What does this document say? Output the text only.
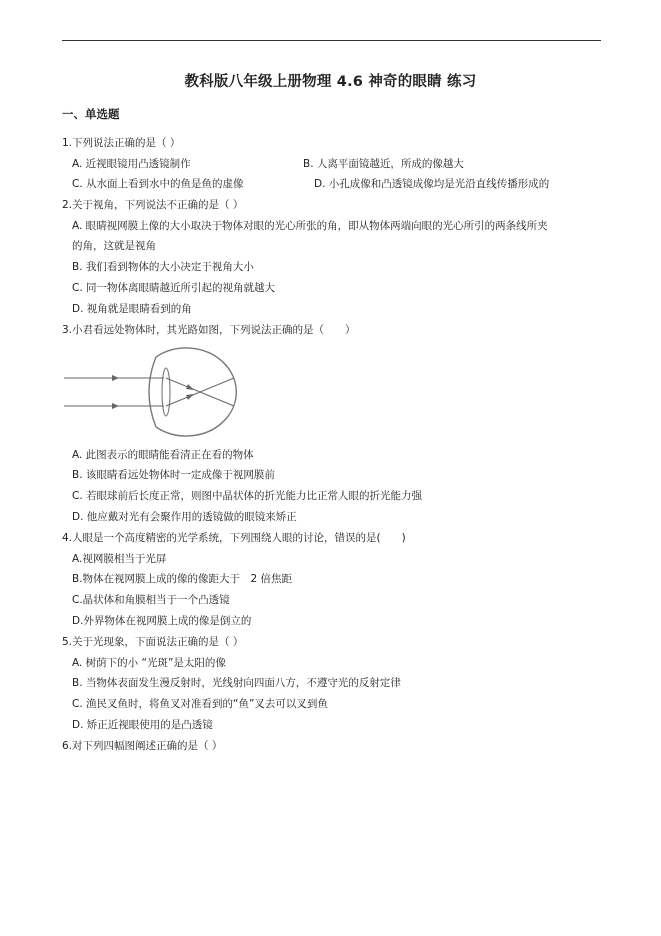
教科版八年级上册物理 4.6 神奇的眼睛 练习
一、单选题
1.下列说法正确的是（ ）
A. 近视眼镜用凸透镜制作	B. 人离平面镜越近，所成的像越大
C. 从水面上看到水中的鱼是鱼的虚像	D. 小孔成像和凸透镜成像均是光沿直线传播形成的
2.关于视角，下列说法不正确的是（ ）
A. 眼睛视网膜上像的大小取决于物体对眼的光心所张的角，即从物体两端向眼的光心所引的两条线所夹
的角，这就是视角
B. 我们看到物体的大小决定于视角大小
C. 同一物体离眼睛越近所引起的视角就越大
D. 视角就是眼睛看到的角
3.小君看远处物体时，其光路如图，下列说法正确的是（　　）
A. 此图表示的眼睛能看清正在看的物体
B. 该眼睛看远处物体时一定成像于视网膜前
C. 若眼球前后长度正常，则图中晶状体的折光能力比正常人眼的折光能力强
D. 他应戴对光有会聚作用的透镜做的眼镜来矫正
4.人眼是一个高度精密的光学系统，下列围绕人眼的讨论，错误的是(　　)
A.视网膜相当于光屏
B.物体在视网膜上成的像的像距大于　2 倍焦距
C.晶状体和角膜相当于一个凸透镜
D.外界物体在视网膜上成的像是倒立的
5.关于光现象，下面说法正确的是（ ）
A. 树荫下的小 “光斑”是太阳的像
B. 当物体表面发生漫反射时，光线射向四面八方，不遵守光的反射定律
C. 渔民叉鱼时，将鱼叉对准看到的“鱼”叉去可以叉到鱼
D. 矫正近视眼使用的是凸透镜
6.对下列四幅图阐述正确的是（ ）
